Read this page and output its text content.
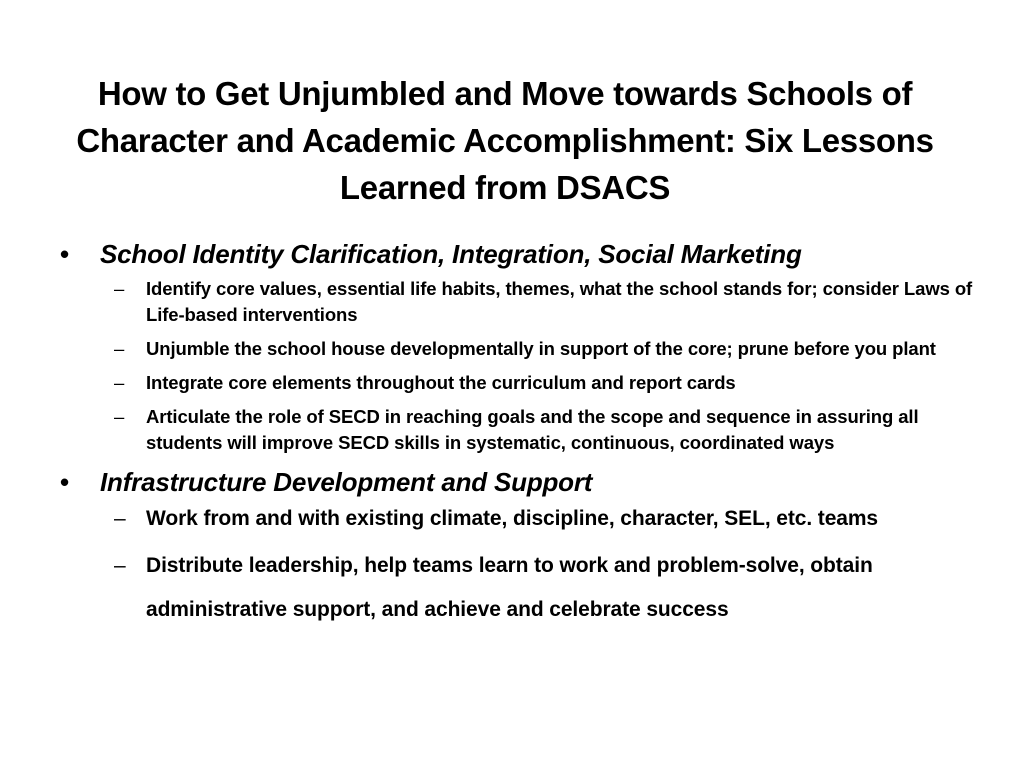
How to Get Unjumbled and Move towards Schools of Character and Academic Accomplishment: Six Lessons Learned from DSACS
• School Identity Clarification, Integration, Social Marketing
– Identify core values, essential life habits, themes, what the school stands for; consider Laws of Life-based interventions
– Unjumble the school house developmentally in support of the core; prune before you plant
– Integrate core elements throughout the curriculum and report cards
– Articulate the role of SECD in reaching goals and the scope and sequence in assuring all students will improve SECD skills in systematic, continuous, coordinated ways
• Infrastructure Development and Support
– Work from and with existing climate, discipline, character, SEL, etc. teams
– Distribute leadership, help teams learn to work and problem-solve, obtain administrative support, and achieve and celebrate success
